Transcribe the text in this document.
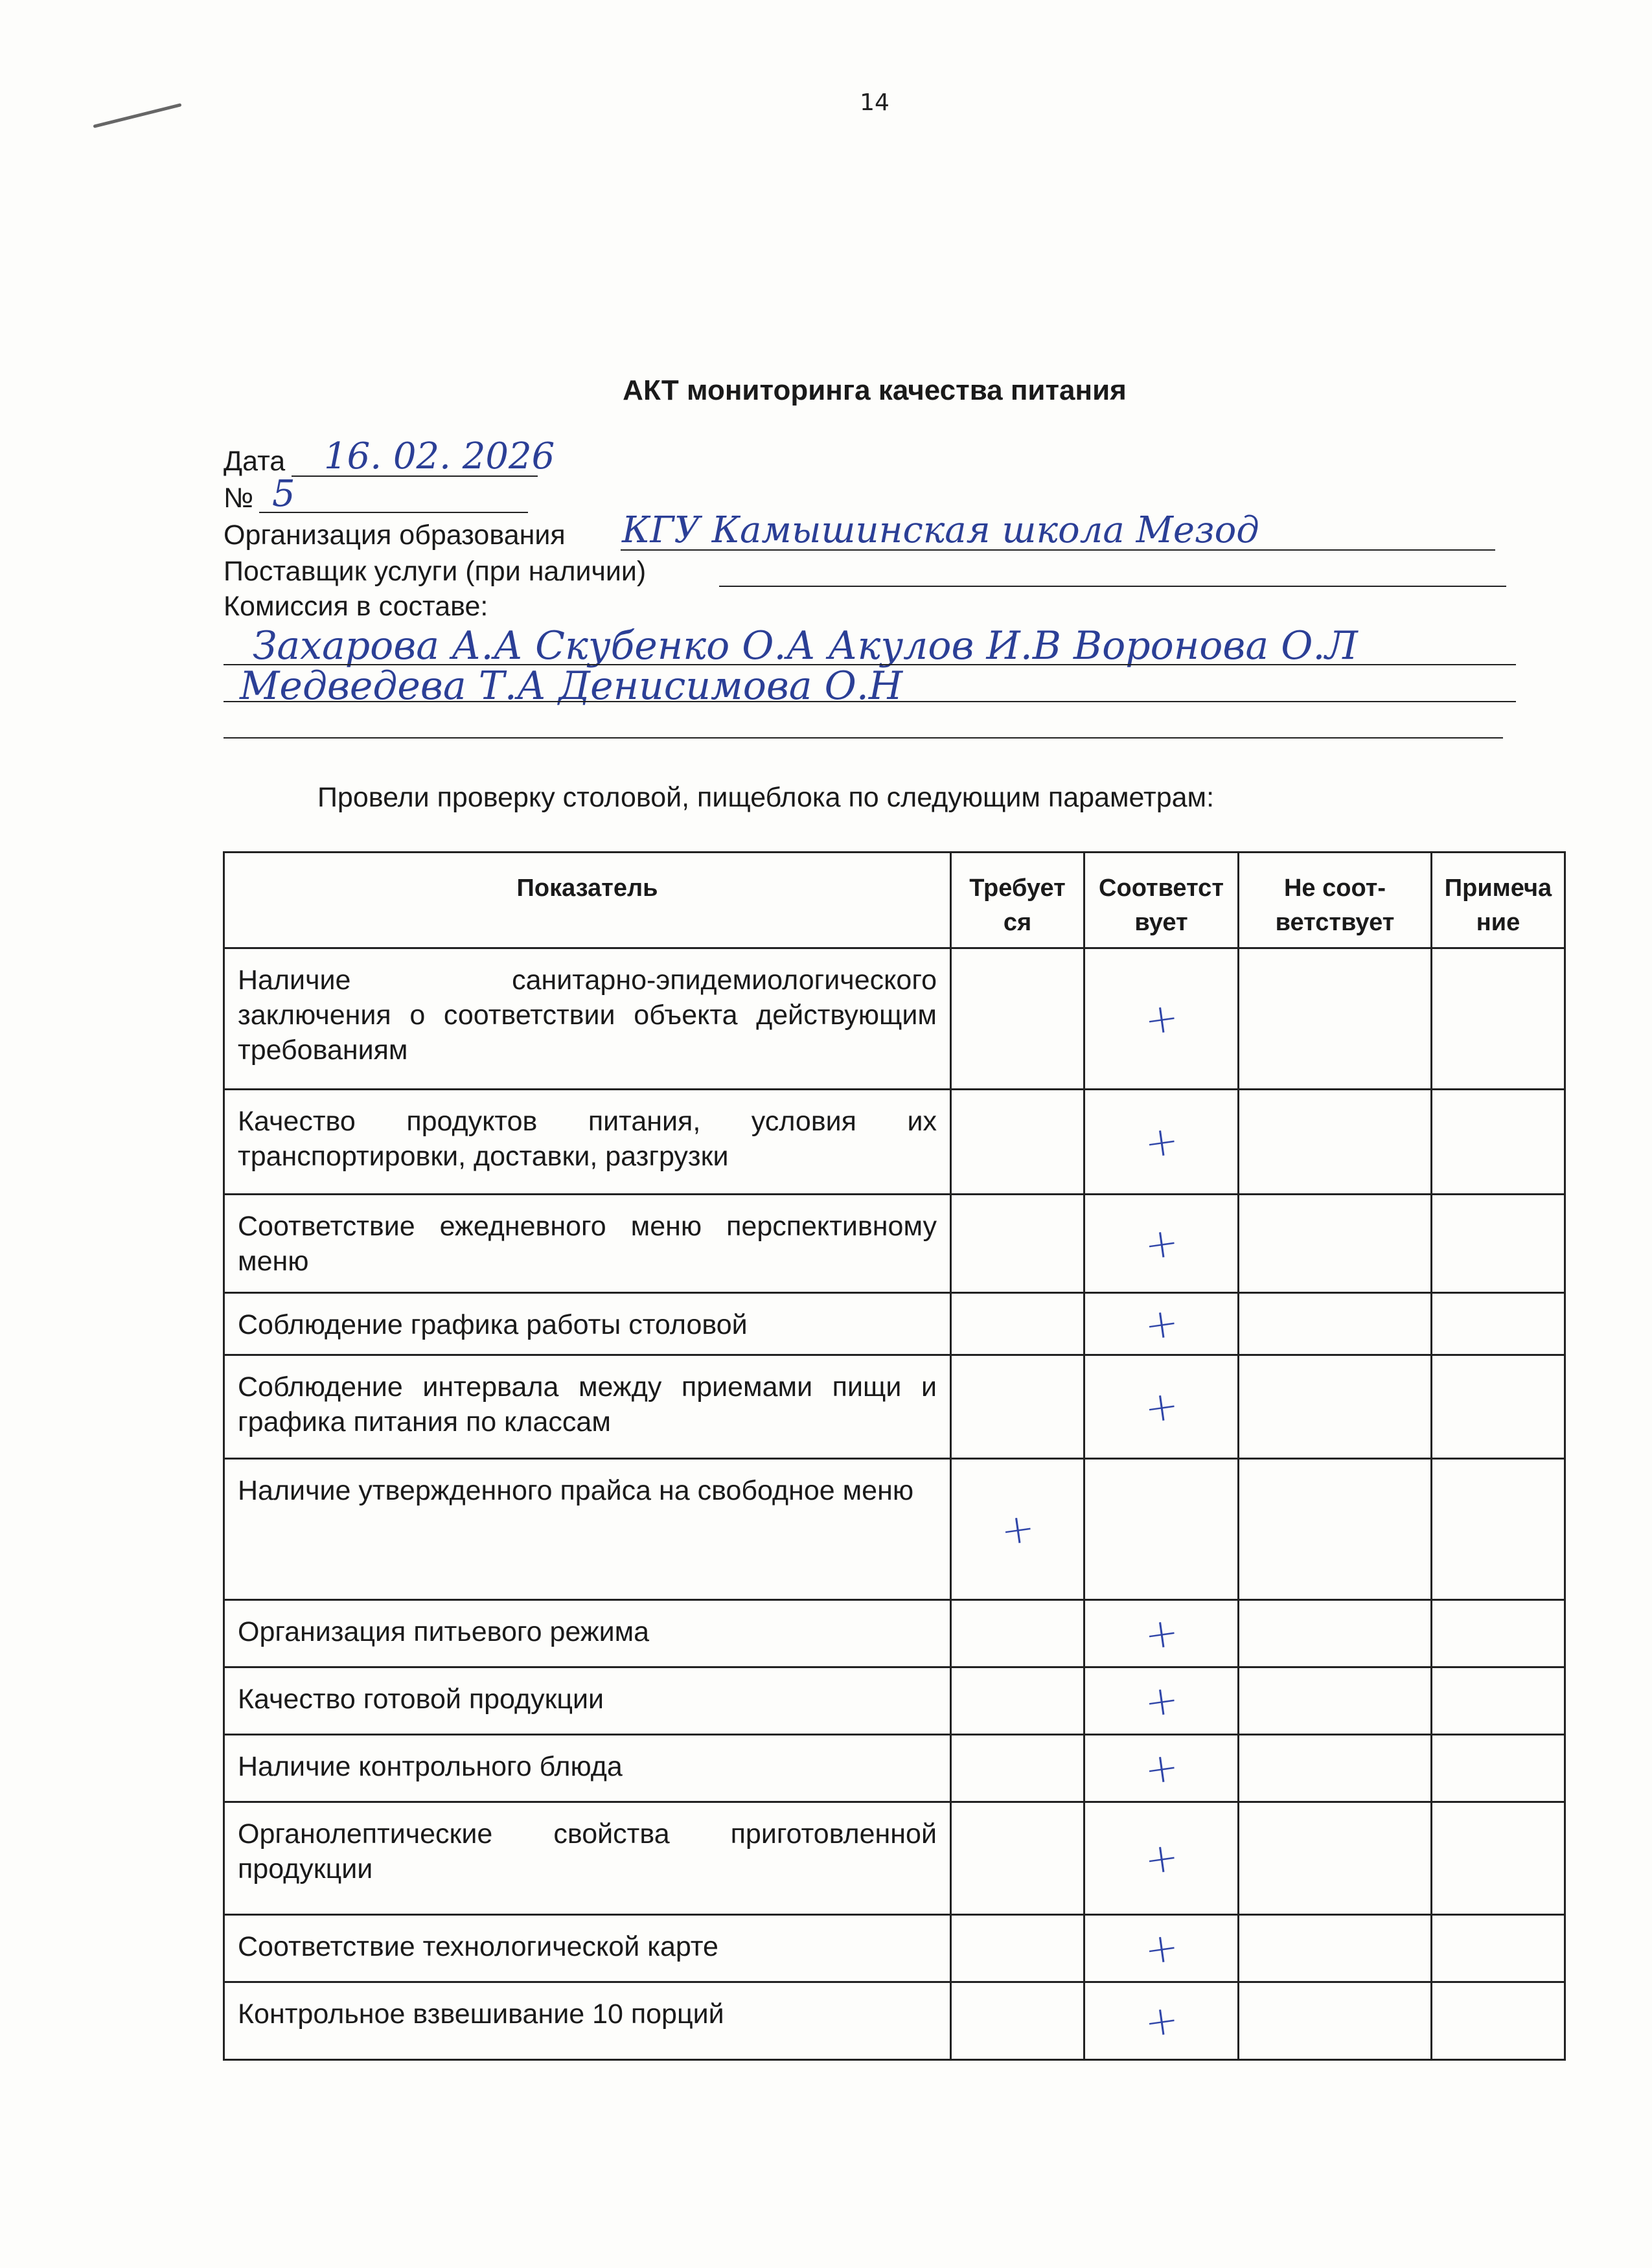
14
АКТ мониторинга качества питания
Дата 16. 02. 2026
№ 5
Организация образования КГУ Камышинская школа Мезод
Поставщик услуги (при наличии)
Комиссия в составе:
Захарова А.А Скубенко О.А Акулов И.В Воронова О.Л
Медведева Т.А Денисимова О.Н
Провели проверку столовой, пищеблока по следующим параметрам:
Показатель	Требуется	Соответствует	Не соот-ветствует	Примечание
Наличие санитарно-эпидемиологического заключения о соответствии объекта действующим требованиям		+		
Качество продуктов питания, условия их транспортировки, доставки, разгрузки		+		
Соответствие ежедневного меню перспективному меню		+		
Соблюдение графика работы столовой		+		
Соблюдение интервала между приемами пищи и графика питания по классам		+		
Наличие утвержденного прайса на свободное меню	+			
Организация питьевого режима		+		
Качество готовой продукции		+		
Наличие контрольного блюда		+		
Органолептические свойства приготовленной продукции		+		
Соответствие технологической карте		+		
Контрольное взвешивание 10 порций		+		
